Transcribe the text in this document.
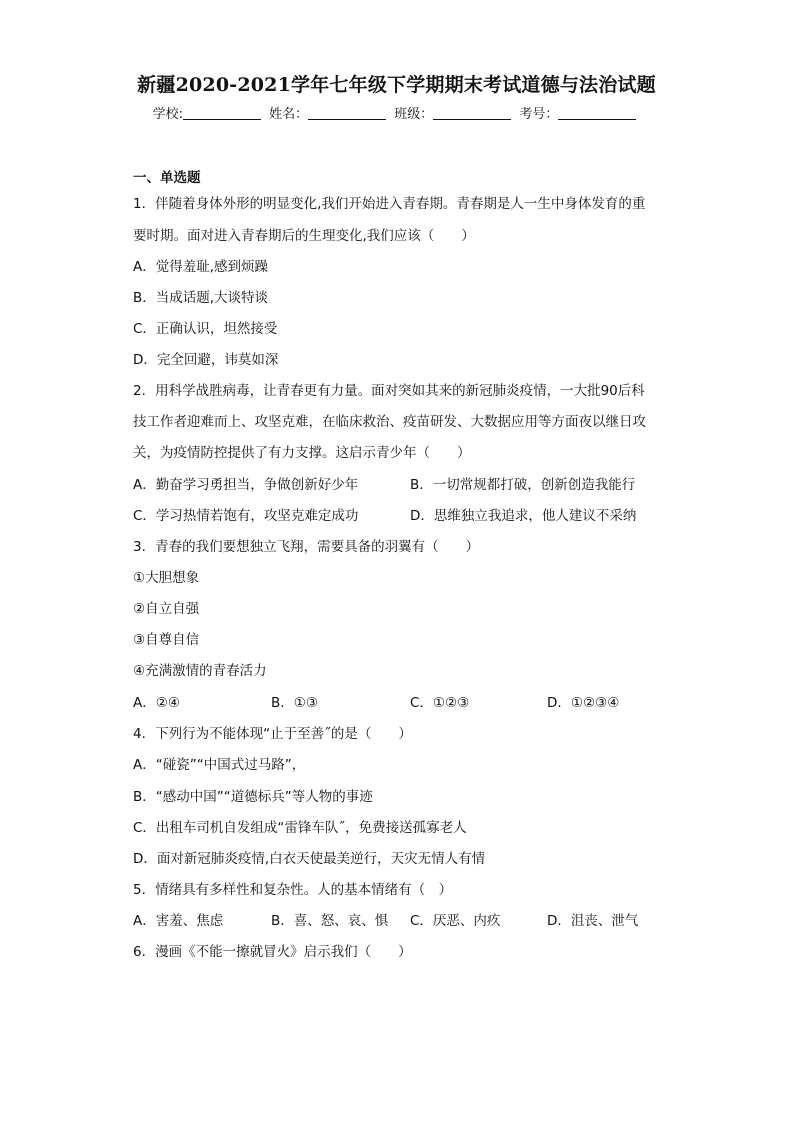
新疆2020-2021学年七年级下学期期末考试道德与法治试题
学校:	姓名：	班级：	考号：
一、单选题
1．伴随着身体外形的明显变化,我们开始进入青春期。青春期是人一生中身体发育的重
要时期。面对进入青春期后的生理变化,我们应该（　　）
A．觉得羞耻,感到烦躁
B．当成话题,大谈特谈
C．正确认识，坦然接受
D．完全回避，讳莫如深
2．用科学战胜病毒，让青春更有力量。面对突如其来的新冠肺炎疫情，一大批90后科
技工作者迎难而上、攻坚克难，在临床救治、疫苗研发、大数据应用等方面夜以继日攻
关，为疫情防控提供了有力支撑。这启示青少年（　　）
A．勤奋学习勇担当，争做创新好少年	B．一切常规都打破，创新创造我能行
C．学习热情若饱有，攻坚克难定成功	D．思维独立我追求，他人建议不采纳
3．青春的我们要想独立飞翔，需要具备的羽翼有（　　）
①大胆想象
②自立自强
③自尊自信
④充满激情的青春活力
A．②④	B．①③	C．①②③	D．①②③④
4．下列行为不能体现“止于至善˝的是（　　）
A．“碰瓷”“中国式过马路”，
B．“感动中国”“道德标兵”等人物的事迹
C．出租车司机自发组成“雷锋车队˝，免费接送孤寡老人
D．面对新冠肺炎疫情,白衣天使最美逆行，天灾无情人有情
5．情绪具有多样性和复杂性。人的基本情绪有（　）
A．害羞、焦虑	B．喜、怒、哀、惧 C．厌恶、内疚	D．沮丧、泄气
6．漫画《不能一擦就冒火》启示我们（　　）
